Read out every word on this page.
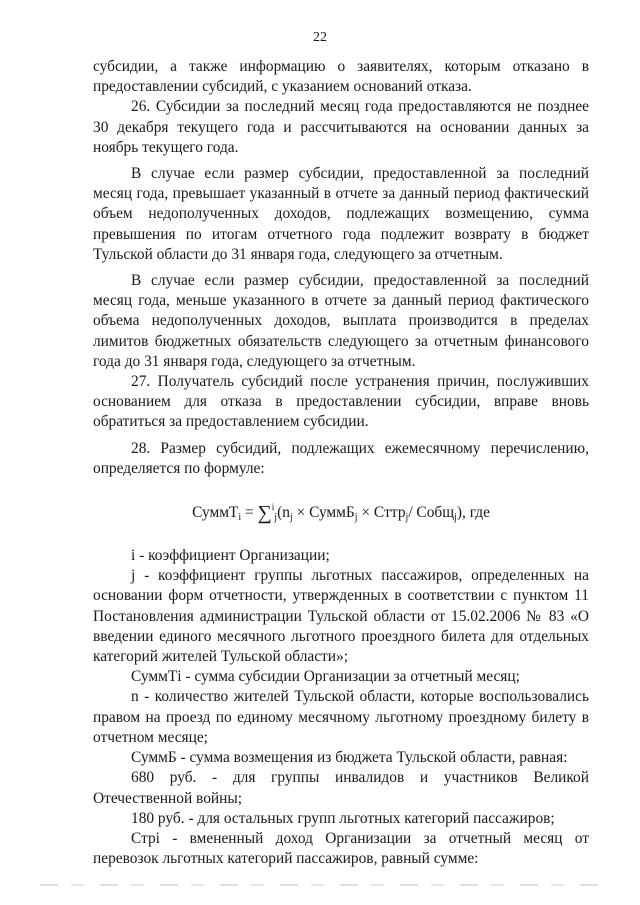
22

субсидии, а также информацию о заявителях, которым отказано в предоставлении субсидий, с указанием оснований отказа.

26. Субсидии за последний месяц года предоставляются не позднее 30 декабря текущего года и рассчитываются на основании данных за ноябрь текущего года.

В случае если размер субсидии, предоставленной за последний месяц года, превышает указанный в отчете за данный период фактический объем недополученных доходов, подлежащих возмещению, сумма превышения по итогам отчетного года подлежит возврату в бюджет Тульской области до 31 января года, следующего за отчетным.

В случае если размер субсидии, предоставленной за последний месяц года, меньше указанного в отчете за данный период фактического объема недополученных доходов, выплата производится в пределах лимитов бюджетных обязательств следующего за отчетным финансового года до 31 января года, следующего за отчетным.

27. Получатель субсидий после устранения причин, послуживших основанием для отказа в предоставлении субсидии, вправе вновь обратиться за предоставлением субсидии.

28. Размер субсидий, подлежащих ежемесячному перечислению, определяется по формуле:

СуммТ$_i$ = $\sum^i_j(n_j$ × СуммБ$_j$ × Cттр$_j$/ Собщ$_j$), где

i - коэффициент Организации;

j - коэффициент группы льготных пассажиров, определенных на основании форм отчетности, утвержденных в соответствии с пунктом 11 Постановления администрации Тульской области от 15.02.2006 № 83 «О введении единого месячного льготного проездного билета для отдельных категорий жителей Тульской области»;

СуммТi - сумма субсидии Организации за отчетный месяц;

n - количество жителей Тульской области, которые воспользовались правом на проезд по единому месячному льготному проездному билету в отчетном месяце;

СуммБ - сумма возмещения из бюджета Тульской области, равная:

680 руб. - для группы инвалидов и участников Великой Отечественной войны;

180 руб. - для остальных групп льготных категорий пассажиров;

Стрi - вмененный доход Организации за отчетный месяц от перевозок льготных категорий пассажиров, равный сумме:
